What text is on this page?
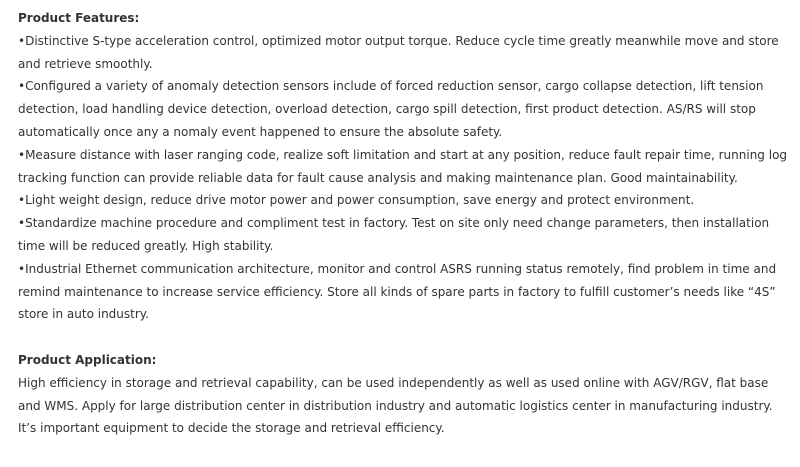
Product Features:
•Distinctive S-type acceleration control, optimized motor output torque. Reduce cycle time greatly meanwhile move and store and retrieve smoothly.
•Configured a variety of anomaly detection sensors include of forced reduction sensor, cargo collapse detection, lift tension detection, load handling device detection, overload detection, cargo spill detection, first product detection. AS/RS will stop automatically once any a nomaly event happened to ensure the absolute safety.
•Measure distance with laser ranging code, realize soft limitation and start at any position, reduce fault repair time, running log tracking function can provide reliable data for fault cause analysis and making maintenance plan. Good maintainability.
•Light weight design, reduce drive motor power and power consumption, save energy and protect environment.
•Standardize machine procedure and compliment test in factory. Test on site only need change parameters, then installation time will be reduced greatly. High stability.
•Industrial Ethernet communication architecture, monitor and control ASRS running status remotely, find problem in time and remind maintenance to increase service efficiency. Store all kinds of spare parts in factory to fulfill customer’s needs like “4S” store in auto industry.
Product Application:
High efficiency in storage and retrieval capability, can be used independently as well as used online with AGV/RGV, flat base and WMS. Apply for large distribution center in distribution industry and automatic logistics center in manufacturing industry. It’s important equipment to decide the storage and retrieval efficiency.
